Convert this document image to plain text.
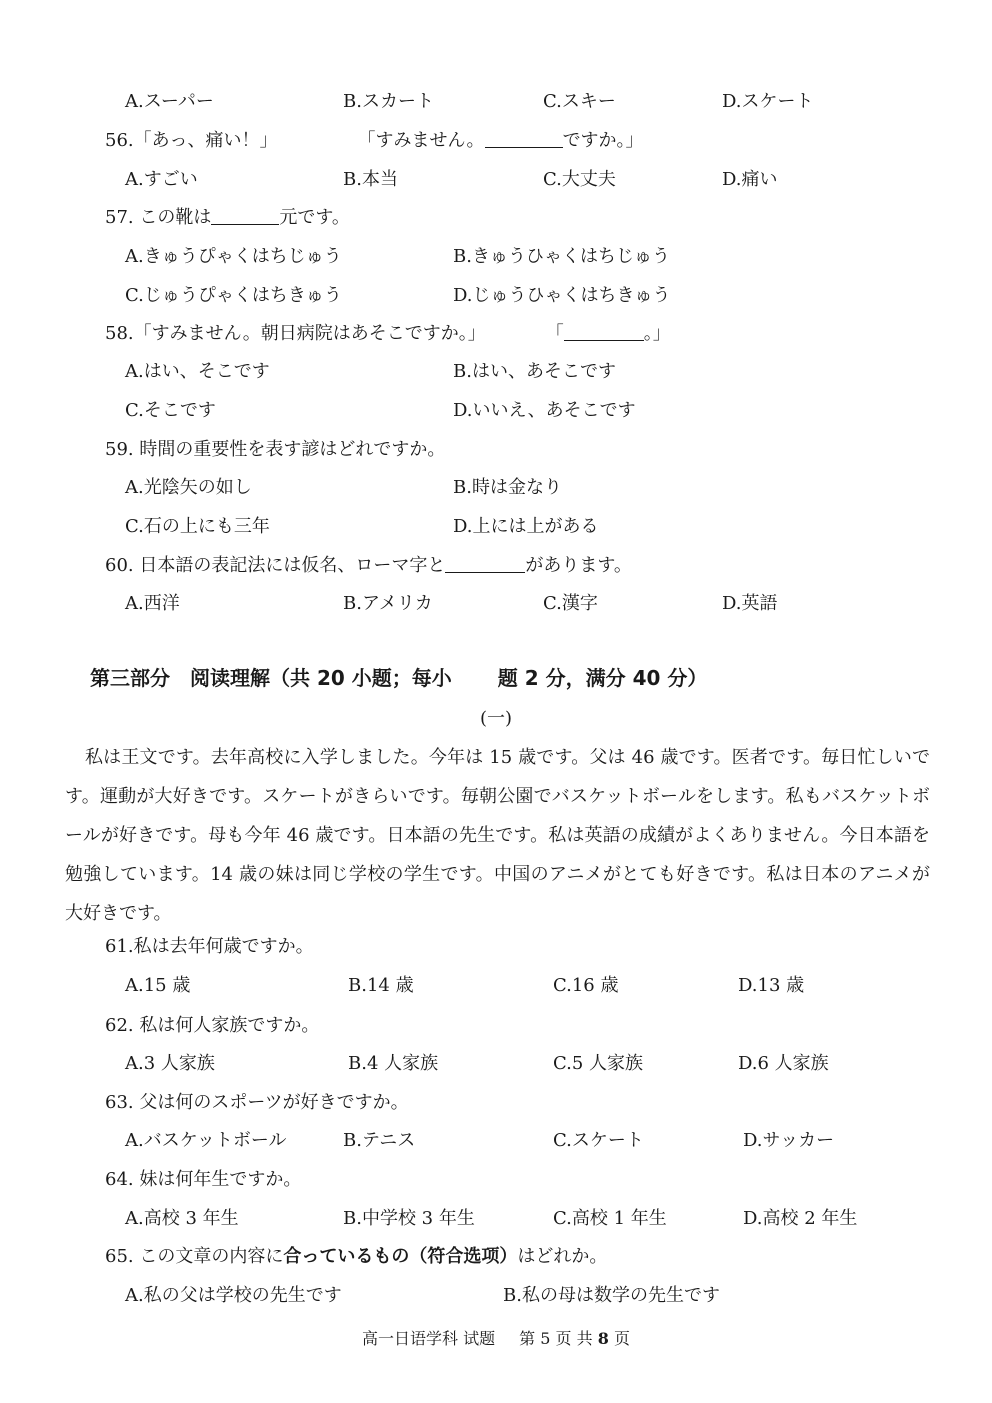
A.スーパー	B.スカート	C.スキー	D.スケート
56.「あっ、痛い！」	「すみません。	ですか。」
A.すごい	B.本当	C.大丈夫	D.痛い
57. この靴は	元です。
A.きゅうぴゃくはちじゅう	B.きゅうひゃくはちじゅう
C.じゅうぴゃくはちきゅう	D.じゅうひゃくはちきゅう
58.「すみません。朝日病院はあそこですか。」	「	。」
A.はい、そこです	B.はい、あそこです
C.そこです	D.いいえ、あそこです
59. 時間の重要性を表す諺はどれですか。
A.光陰矢の如し	B.時は金なり
C.石の上にも三年	D.上には上がある
60. 日本語の表記法には仮名、ローマ字と	があります。
A.西洋	B.アメリカ	C.漢字	D.英語
第三部分　阅读理解（共 20 小题；每小 题 2 分，满分 40 分）
(一)

私は王文です。去年高校に入学しました。今年は 15 歳です。父は 46 歳です。医者です。毎日忙しいです。運動が大好きです。スケートがきらいです。毎朝公園でバスケットボールをします。私もバスケットボールが好きです。母も今年 46 歳です。日本語の先生です。私は英語の成績がよくありません。今日本語を勉強しています。14 歳の妹は同じ学校の学生です。中国のアニメがとても好きです。私は日本のアニメが大好きです。

61.私は去年何歳ですか。
A.15 歳	B.14 歳	C.16 歳	D.13 歳
62. 私は何人家族ですか。
A.3 人家族	B.4 人家族	C.5 人家族	D.6 人家族
63. 父は何のスポーツが好きですか。
A.バスケットボール	B.テニス	C.スケート	D.サッカー
64. 妹は何年生ですか。
A.高校 3 年生	B.中学校 3 年生	C.高校 1 年生	D.高校 2 年生
65. この文章の内容に合っているもの（符合选项）はどれか。
A.私の父は学校の先生です	B.私の母は数学の先生です
高一日语学科 试题 第 5 页 共 8 页
